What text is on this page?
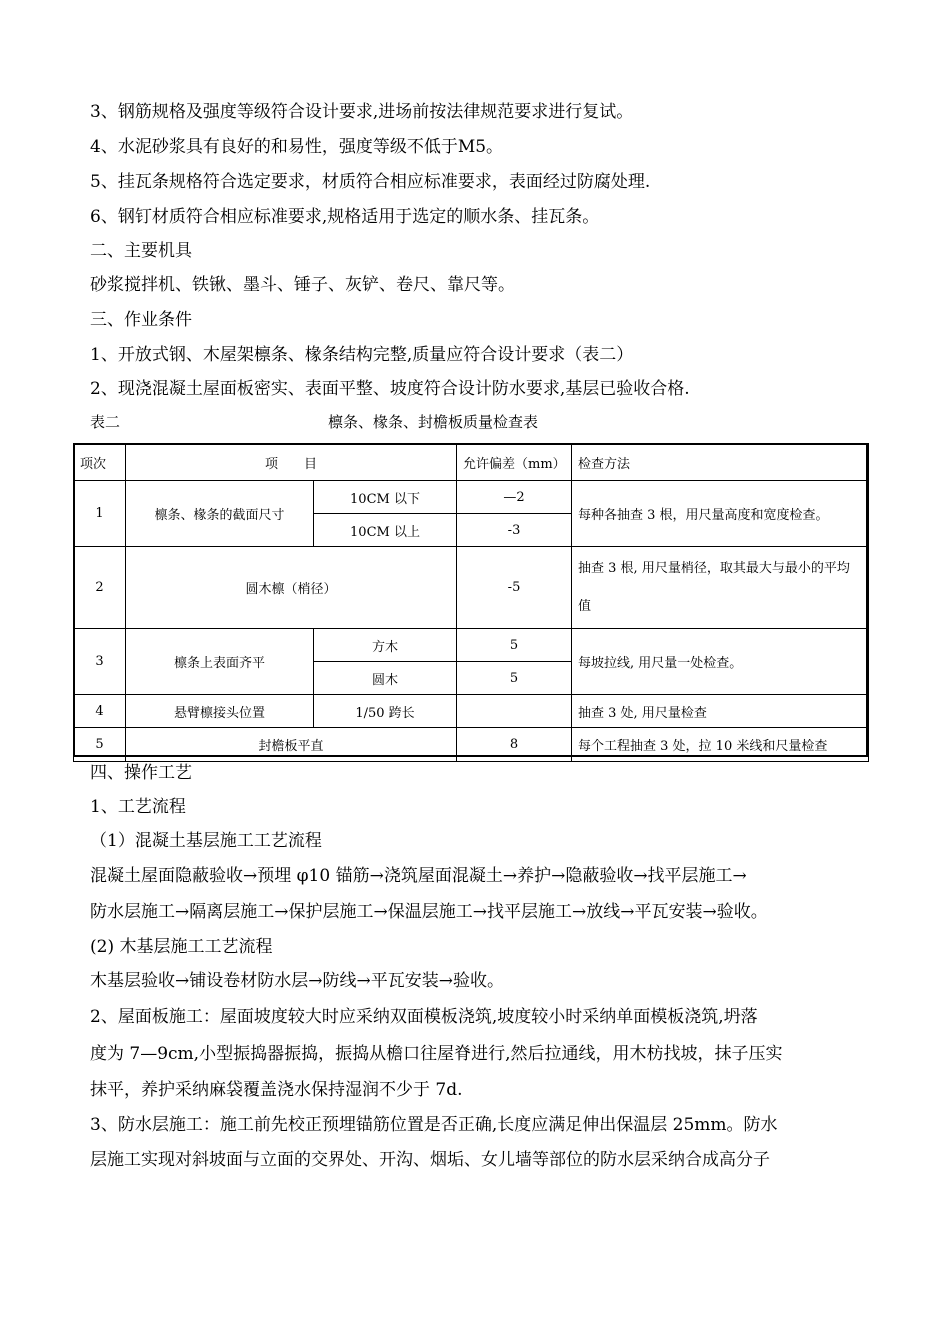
3、钢筋规格及强度等级符合设计要求,进场前按法律规范要求进行复试。
4、水泥砂浆具有良好的和易性，强度等级不低于M5。
5、挂瓦条规格符合选定要求，材质符合相应标准要求，表面经过防腐处理.
6、钢钉材质符合相应标准要求,规格适用于选定的顺水条、挂瓦条。
二、主要机具
砂浆搅拌机、铁锹、墨斗、锤子、灰铲、卷尺、靠尺等。
三、作业条件
1、开放式钢、木屋架檩条、椽条结构完整,质量应符合设计要求（表二）
2、现浇混凝土屋面板密实、表面平整、坡度符合设计防水要求,基层已验收合格.
表二	檩条、椽条、封檐板质量检查表
项次	项　　目		允许偏差（mm）	检查方法
1	檩条、椽条的截面尺寸	10CM 以下	—2	每种各抽查 3 根，用尺量高度和宽度检查。
		10CM 以上	-3	
2	圆木檩（梢径）		-5	抽查 3 根, 用尺量梢径，取其最大与最小的平均值
3	檩条上表面齐平	方木	5	每坡拉线, 用尺量一处检查。
		圆木	5	
4	悬臂檩接头位置	1/50 跨长		抽查 3 处, 用尺量检查
5	封檐板平直		8	每个工程抽查 3 处，拉 10 米线和尺量检查
四、操作工艺
1、工艺流程
（1）混凝土基层施工工艺流程
混凝土屋面隐蔽验收→预埋 φ10 锚筋→浇筑屋面混凝土→养护→隐蔽验收→找平层施工→
防水层施工→隔离层施工→保护层施工→保温层施工→找平层施工→放线→平瓦安装→验收。
(2) 木基层施工工艺流程
木基层验收→铺设卷材防水层→防线→平瓦安装→验收。
2、屋面板施工：屋面坡度较大时应采纳双面模板浇筑,坡度较小时采纳单面模板浇筑,坍落
度为 7—9cm,小型振捣器振捣，振捣从檐口往屋脊进行,然后拉通线，用木枋找坡，抹子压实
抹平，养护采纳麻袋覆盖浇水保持湿润不少于 7d.
3、防水层施工：施工前先校正预埋锚筋位置是否正确,长度应满足伸出保温层 25mm。防水
层施工实现对斜坡面与立面的交界处、开沟、烟垢、女儿墙等部位的防水层采纳合成高分子
